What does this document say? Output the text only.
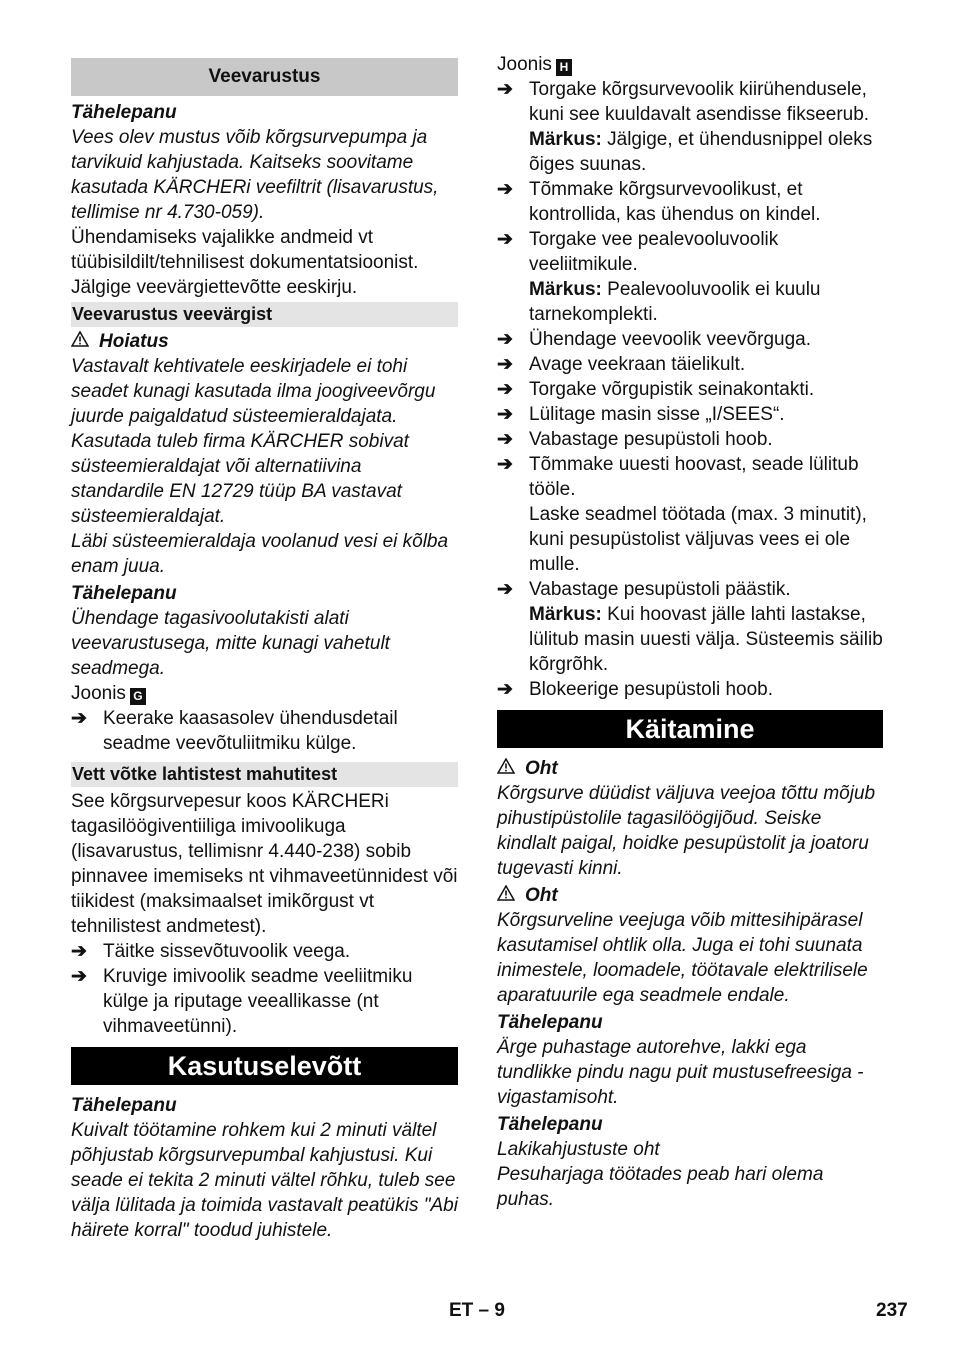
Veevarustus
Tähelepanu
Vees olev mustus võib kõrgsurvepumpa ja tarvikuid kahjustada. Kaitseks soovitame kasutada KÄRCHERi veefiltrit (lisavarustus, tellimise nr 4.730-059).
Ühendamiseks vajalikke andmeid vt tüübisildilt/tehnilisest dokumentatsioonist.
Jälgige veevärgiettevõtte eeskirju.
Veevarustus veevärgist
Hoiatus
Vastavalt kehtivatele eeskirjadele ei tohi seadet kunagi kasutada ilma joogiveevõrgu juurde paigaldatud süsteemieraldajata. Kasutada tuleb firma KÄRCHER sobivat süsteemieraldajat või alternatiivina standardile EN 12729 tüüp BA vastavat süsteemieraldajat.
Läbi süsteemieraldaja voolanud vesi ei kõlba enam juua.
Tähelepanu
Ühendage tagasivoolutakisti alati veevarustusega, mitte kunagi vahetult seadmega.
Joonis G
➔ Keerake kaasasolev ühendusdetail seadme veevõtuliitmiku külge.
Vett võtke lahtistest mahutitest
See kõrgsurvepesur koos KÄRCHERi tagasilöögiventiiliga imivoolikuga (lisavarustus, tellimisnr 4.440-238) sobib pinnavee imemiseks nt vihmaveetünnidest või tiikidest (maksimaalset imikõrgust vt tehnilistest andmetest).
➔ Täitke sissevõtuvoolik veega.
➔ Kruvige imivoolik seadme veeliitmiku külge ja riputage veeallikasse (nt vihmaveetünni).
Kasutuselevõtt
Tähelepanu
Kuivalt töötamine rohkem kui 2 minuti vältel põhjustab kõrgsurvepumbal kahjustusi. Kui seade ei tekita 2 minuti vältel rõhku, tuleb see välja lülitada ja toimida vastavalt peatükis "Abi häirete korral" toodud juhistele.
Joonis H
➔ Torgake kõrgsurvevoolik kiirühendusele, kuni see kuuldavalt asendisse fikseerub.
Märkus: Jälgige, et ühendusnippel oleks õiges suunas.
➔ Tõmmake kõrgsurvevoolikust, et kontrollida, kas ühendus on kindel.
➔ Torgake vee pealevooluvoolik veeliitmikule.
Märkus: Pealevooluvoolik ei kuulu tarnekomplekti.
➔ Ühendage veevoolik veevõrguga.
➔ Avage veekraan täielikult.
➔ Torgake võrgupistik seinakontakti.
➔ Lülitage masin sisse „I/SEES“.
➔ Vabastage pesupüstoli hoob.
➔ Tõmmake uuesti hoovast, seade lülitub tööle.
Laske seadmel töötada (max. 3 minutit), kuni pesupüstolist väljuvas vees ei ole mulle.
➔ Vabastage pesupüstoli päästik.
Märkus: Kui hoovast jälle lahti lastakse, lülitub masin uuesti välja. Süsteemis säilib kõrgrõhk.
➔ Blokeerige pesupüstoli hoob.
Käitamine
Oht
Kõrgsurve düüdist väljuva veejoa tõttu mõjub pihustipüstolile tagasilöögijõud. Seiske kindlalt paigal, hoidke pesupüstolit ja joatoru tugevasti kinni.
Oht
Kõrgsurveline veejuga võib mittesihipärasel kasutamisel ohtlik olla. Juga ei tohi suunata inimestele, loomadele, töötavale elektrilisele aparatuurile ega seadmele endale.
Tähelepanu
Ärge puhastage autorehve, lakki ega tundlikke pindu nagu puit mustusefreesiga - vigastamisoht.
Tähelepanu
Lakikahjustuste oht
Pesuharjaga töötades peab hari olema puhas.
ET – 9	237
